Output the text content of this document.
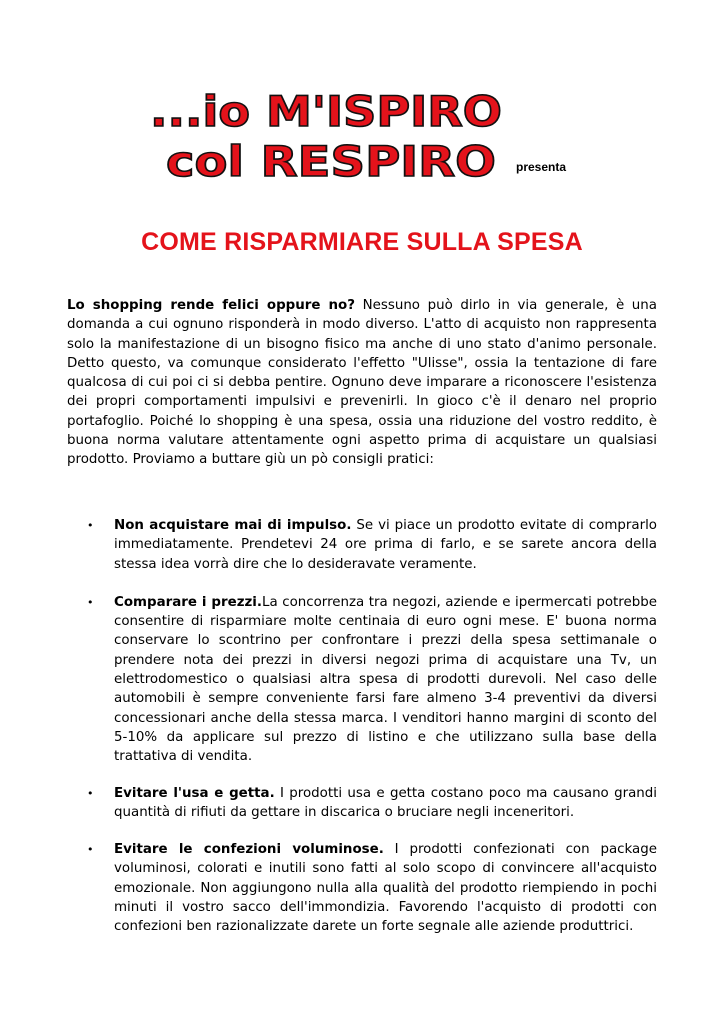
...io M'ISPIRO
col RESPIRO presenta
COME RISPARMIARE SULLA SPESA

Lo shopping rende felici oppure no? Nessuno può dirlo in via generale, è una domanda a cui ognuno risponderà in modo diverso. L'atto di acquisto non rappresenta solo la manifestazione di un bisogno fisico ma anche di uno stato d'animo personale. Detto questo, va comunque considerato l'effetto "Ulisse", ossia la tentazione di fare qualcosa di cui poi ci si debba pentire. Ognuno deve imparare a riconoscere l'esistenza dei propri comportamenti impulsivi e prevenirli. In gioco c'è il denaro nel proprio portafoglio. Poiché lo shopping è una spesa, ossia una riduzione del vostro reddito, è buona norma valutare attentamente ogni aspetto prima di acquistare un qualsiasi prodotto. Proviamo a buttare giù un pò consigli pratici:

• Non acquistare mai di impulso. Se vi piace un prodotto evitate di comprarlo immediatamente. Prendetevi 24 ore prima di farlo, e se sarete ancora della stessa idea vorrà dire che lo desideravate veramente.
• Comparare i prezzi.La concorrenza tra negozi, aziende e ipermercati potrebbe consentire di risparmiare molte centinaia di euro ogni mese. E' buona norma conservare lo scontrino per confrontare i prezzi della spesa settimanale o prendere nota dei prezzi in diversi negozi prima di acquistare una Tv, un elettrodomestico o qualsiasi altra spesa di prodotti durevoli. Nel caso delle automobili è sempre conveniente farsi fare almeno 3-4 preventivi da diversi concessionari anche della stessa marca. I venditori hanno margini di sconto del 5-10% da applicare sul prezzo di listino e che utilizzano sulla base della trattativa di vendita.
• Evitare l'usa e getta. I prodotti usa e getta costano poco ma causano grandi quantità di rifiuti da gettare in discarica o bruciare negli inceneritori.
• Evitare le confezioni voluminose. I prodotti confezionati con package voluminosi, colorati e inutili sono fatti al solo scopo di convincere all'acquisto emozionale. Non aggiungono nulla alla qualità del prodotto riempiendo in pochi minuti il vostro sacco dell'immondizia. Favorendo l'acquisto di prodotti con confezioni ben razionalizzate darete un forte segnale alle aziende produttrici.
